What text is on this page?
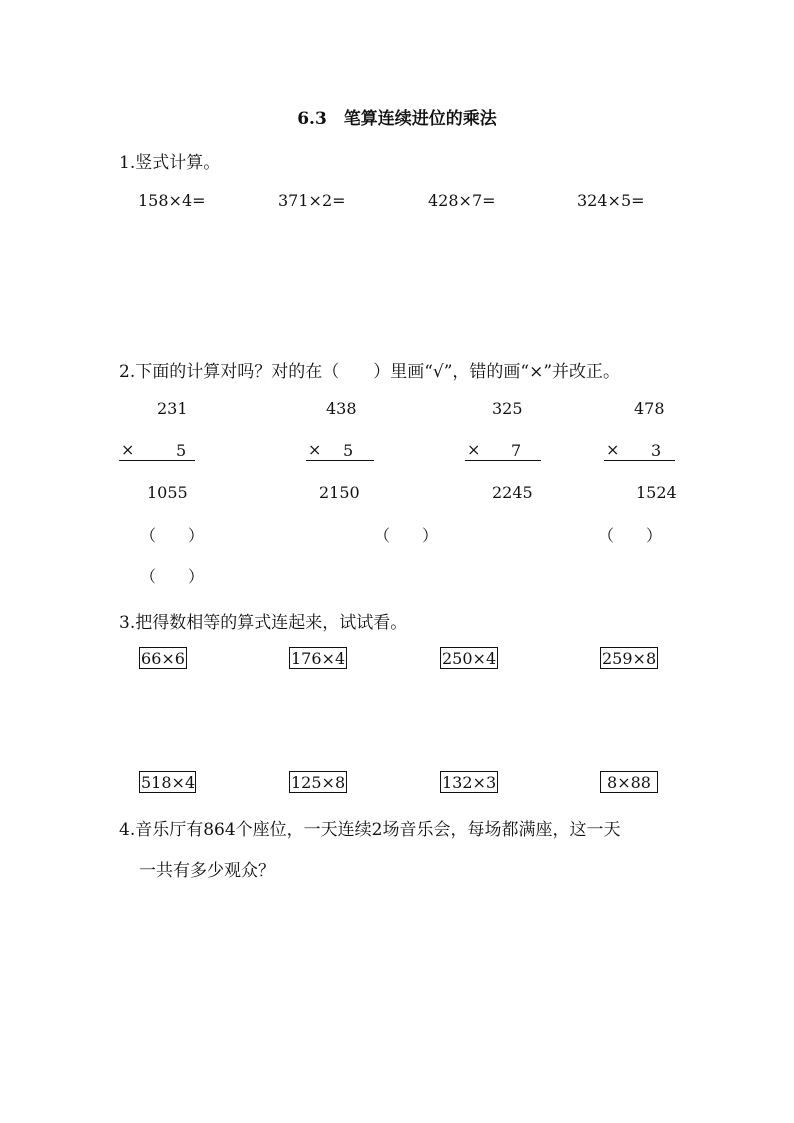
6.3　笔算连续进位的乘法
1.竖式计算。
158×4=	371×2=	428×7=	324×5=
2.下面的计算对吗？对的在（　　）里画“√”，错的画“×”并改正。
231
×	5
1055
438
× 5
2150
325
× 7
2245
478
× 3
1524
（　　）	（　　）	（　　）
（　　）
3.把得数相等的算式连起来，试试看。
66×6	176×4	250×4	259×8
518×4	125×8	132×3	8×88
4.音乐厅有864个座位，一天连续2场音乐会，每场都满座，这一天
一共有多少观众？
